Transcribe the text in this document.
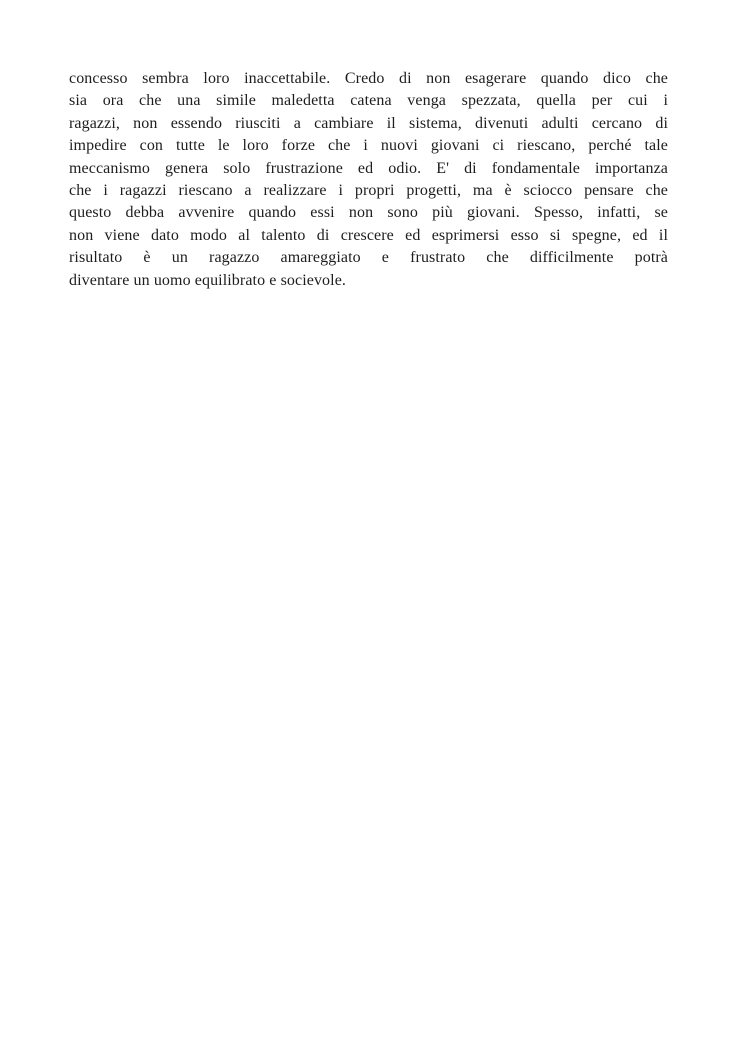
concesso sembra loro inaccettabile. Credo di non esagerare quando dico che
sia ora che una simile maledetta catena venga spezzata, quella per cui i
ragazzi, non essendo riusciti a cambiare il sistema, divenuti adulti cercano di
impedire con tutte le loro forze che i nuovi giovani ci riescano, perché tale
meccanismo genera solo frustrazione ed odio. E' di fondamentale importanza
che i ragazzi riescano a realizzare i propri progetti, ma è sciocco pensare che
questo debba avvenire quando essi non sono più giovani. Spesso, infatti, se
non viene dato modo al talento di crescere ed esprimersi esso si spegne, ed il
risultato è un ragazzo amareggiato e frustrato che difficilmente potrà
diventare un uomo equilibrato e socievole.
